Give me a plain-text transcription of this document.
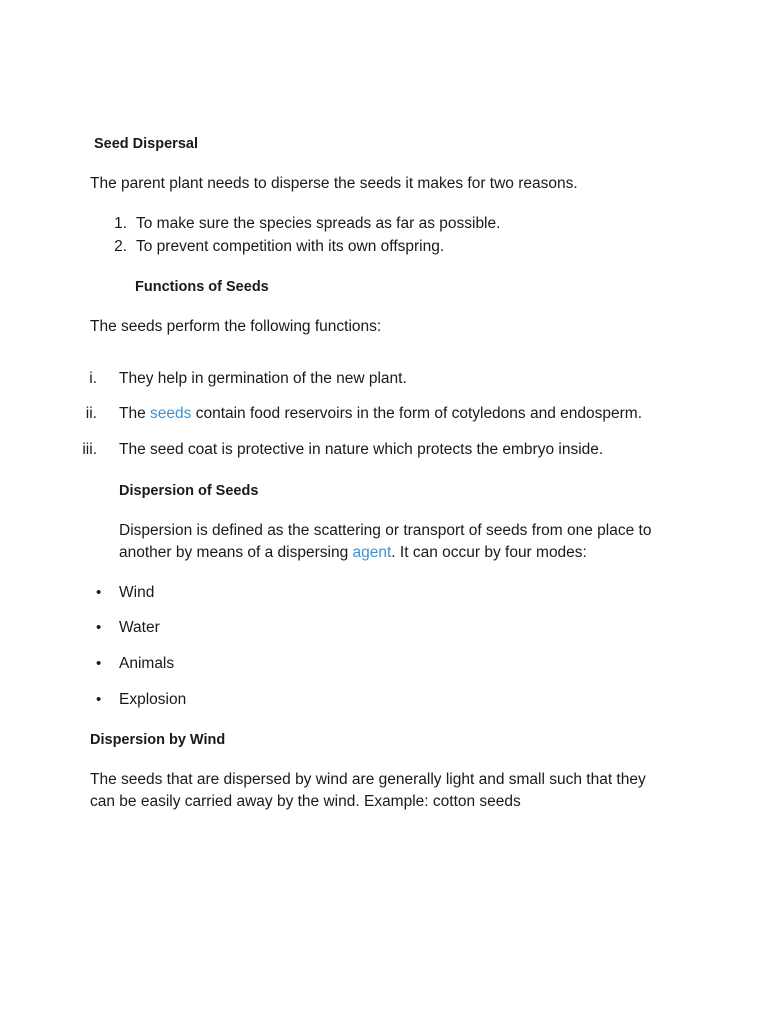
Seed Dispersal
The parent plant needs to disperse the seeds it makes for two reasons.
1. To make sure the species spreads as far as possible.
2. To prevent competition with its own offspring.
Functions of Seeds
The seeds perform the following functions:
i. They help in germination of the new plant.
ii. The seeds contain food reservoirs in the form of cotyledons and endosperm.
iii. The seed coat is protective in nature which protects the embryo inside.
Dispersion of Seeds
Dispersion is defined as the scattering or transport of seeds from one place to
another by means of a dispersing agent. It can occur by four modes:
• Wind
• Water
• Animals
• Explosion
Dispersion by Wind
The seeds that are dispersed by wind are generally light and small such that they
can be easily carried away by the wind. Example: cotton seeds
